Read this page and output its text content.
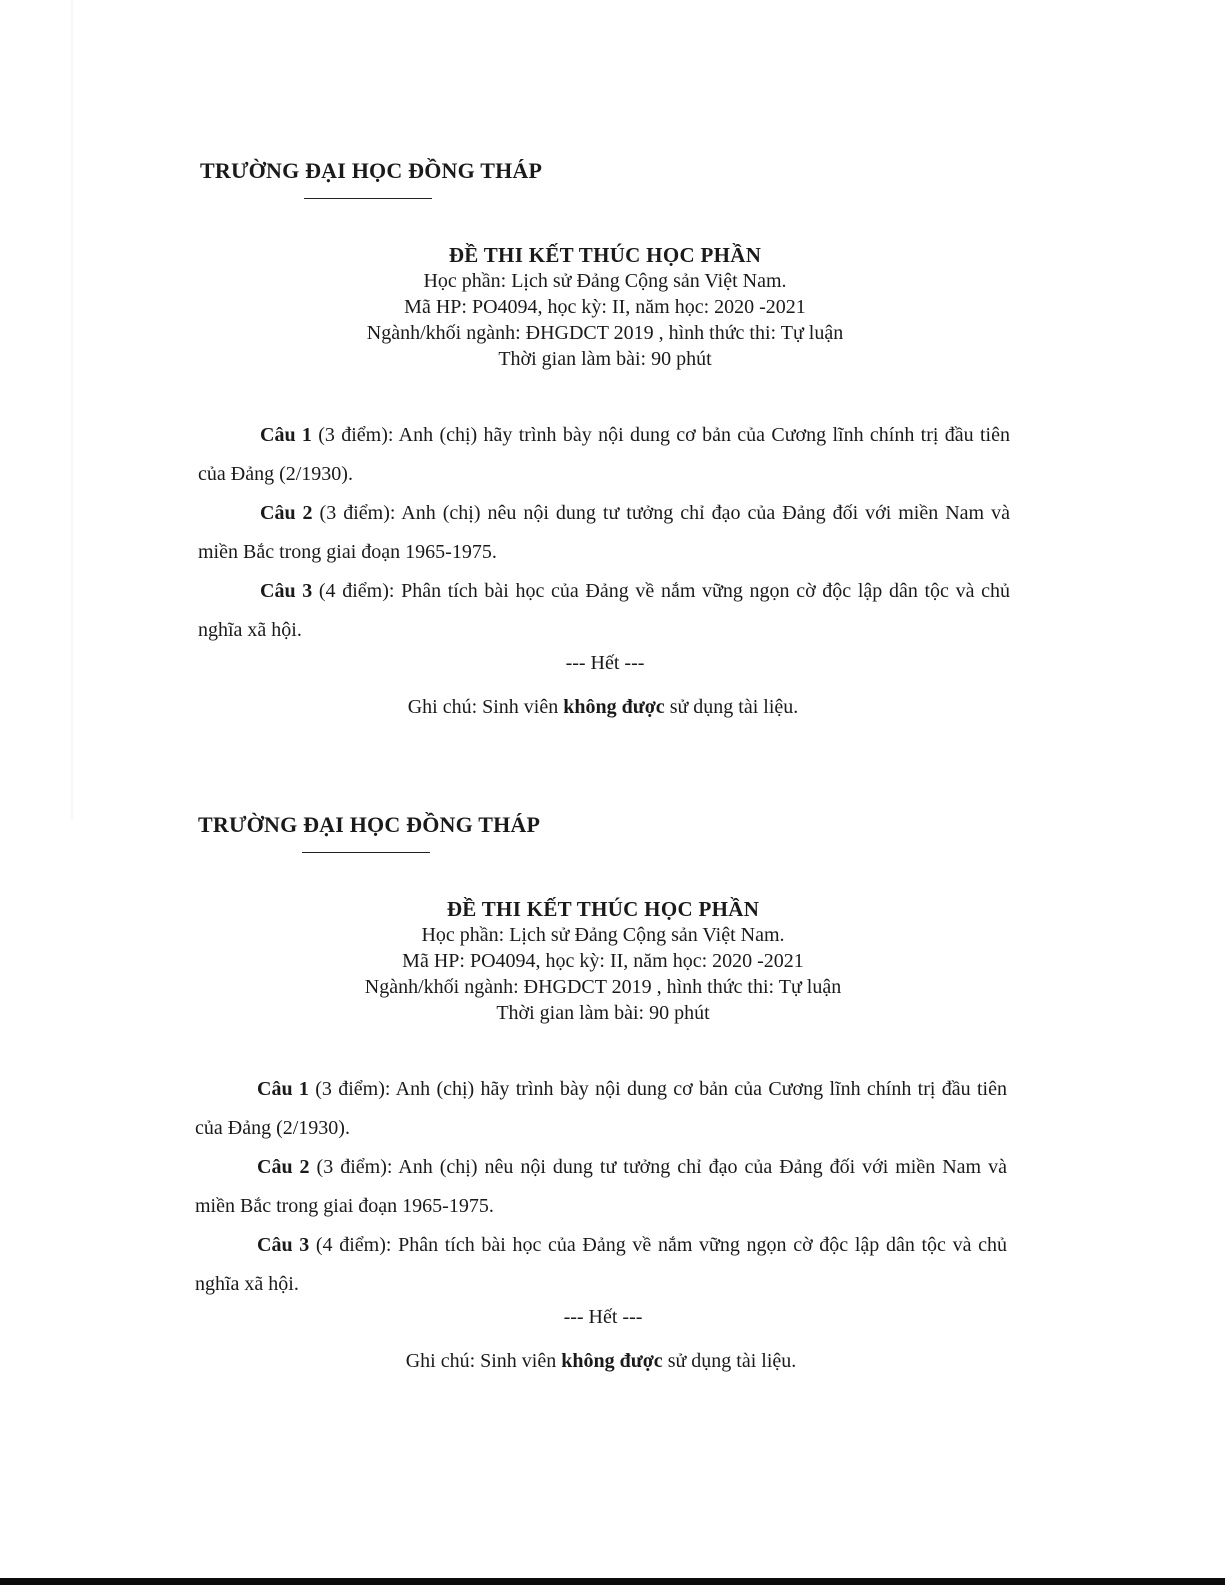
TRƯỜNG ĐẠI HỌC ĐỒNG THÁP
ĐỀ THI KẾT THÚC HỌC PHẦN
Học phần: Lịch sử Đảng Cộng sản Việt Nam.
Mã HP: PO4094, học kỳ: II, năm học: 2020 -2021
Ngành/khối ngành: ĐHGDCT 2019 , hình thức thi: Tự luận
Thời gian làm bài: 90 phút

Câu 1 (3 điểm): Anh (chị) hãy trình bày nội dung cơ bản của Cương lĩnh chính trị đầu tiên của Đảng (2/1930).

Câu 2 (3 điểm): Anh (chị) nêu nội dung tư tưởng chỉ đạo của Đảng đối với miền Nam và miền Bắc trong giai đoạn 1965-1975.

Câu 3 (4 điểm): Phân tích bài học của Đảng về nắm vững ngọn cờ độc lập dân tộc và chủ nghĩa xã hội.

--- Hết ---
Ghi chú: Sinh viên không được sử dụng tài liệu.
TRƯỜNG ĐẠI HỌC ĐỒNG THÁP
ĐỀ THI KẾT THÚC HỌC PHẦN
Học phần: Lịch sử Đảng Cộng sản Việt Nam.
Mã HP: PO4094, học kỳ: II, năm học: 2020 -2021
Ngành/khối ngành: ĐHGDCT 2019 , hình thức thi: Tự luận
Thời gian làm bài: 90 phút

Câu 1 (3 điểm): Anh (chị) hãy trình bày nội dung cơ bản của Cương lĩnh chính trị đầu tiên của Đảng (2/1930).

Câu 2 (3 điểm): Anh (chị) nêu nội dung tư tưởng chỉ đạo của Đảng đối với miền Nam và miền Bắc trong giai đoạn 1965-1975.

Câu 3 (4 điểm): Phân tích bài học của Đảng về nắm vững ngọn cờ độc lập dân tộc và chủ nghĩa xã hội.

--- Hết ---
Ghi chú: Sinh viên không được sử dụng tài liệu.
